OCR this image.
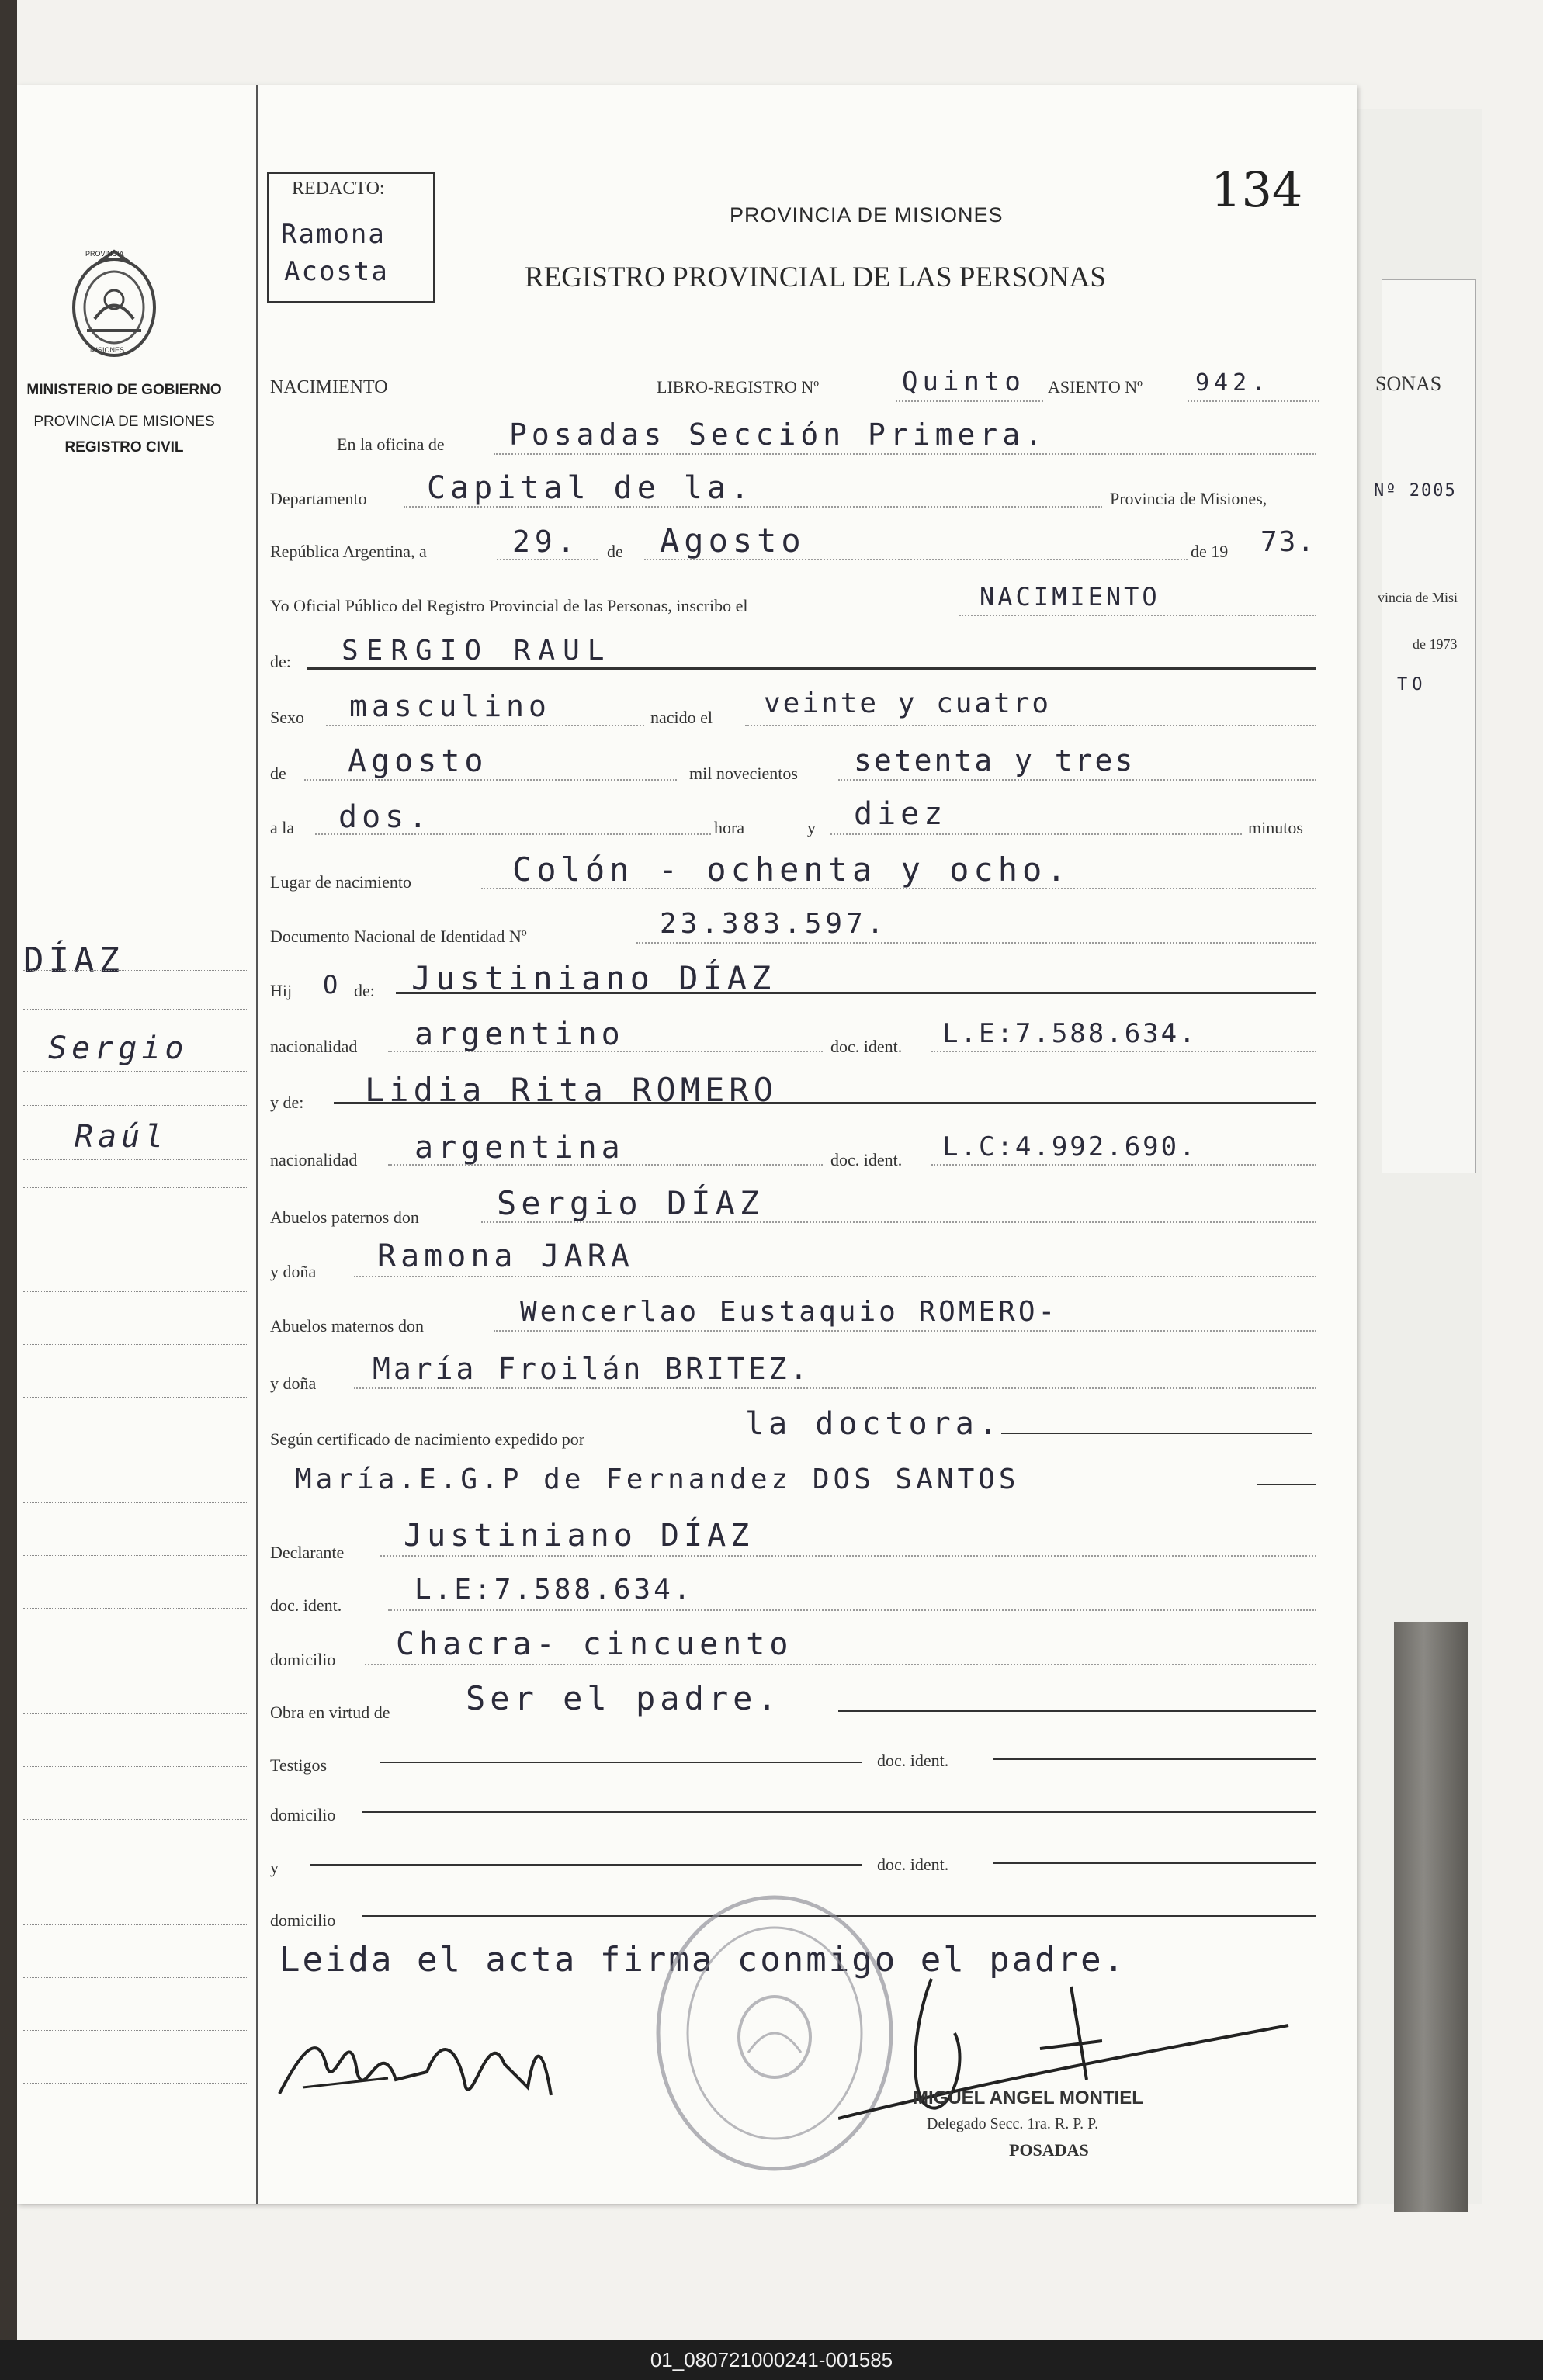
SONAS
Nº 2005
vincia de Misi
de 1973
TO
PROVINCIA
MISIONES
MINISTERIO DE GOBIERNO
PROVINCIA DE MISIONES
REGISTRO CIVIL
DÍAZ
Sergio
Raúl
REDACTO:
Ramona
Acosta
134
PROVINCIA DE MISIONES
REGISTRO PROVINCIAL DE LAS PERSONAS
NACIMIENTO	LIBRO-REGISTRO Nº	Quinto ASIENTO Nº 942.
En la oficina de Posadas Sección Primera.
Departamento Capital de la.	Provincia de Misiones,
República Argentina, a	29. de Agosto	de 19 73.
Yo Oficial Público del Registro Provincial de las Personas, inscribo el	NACIMIENTO
de: SERGIO RAUL
Sexo masculino	nacido el veinte y cuatro
de Agosto	mil novecientos setenta y tres
a la dos.	hora	y diez	minutos
Lugar de nacimiento	Colón - ochenta y ocho.
Documento Nacional de Identidad Nº	23.383.597.
Hij O de: Justiniano DÍAZ
nacionalidad argentino	doc. ident. L.E:7.588.634.
y de: Lidia Rita ROMERO
nacionalidad argentina	doc. ident. L.C:4.992.690.
Abuelos paternos don Sergio DÍAZ
y doña Ramona JARA
Abuelos maternos don	Wencerlao Eustaquio ROMERO-
y doña María Froilán BRITEZ.
Según certificado de nacimiento expedido por	la doctora.
María.E.G.P de Fernandez DOS SANTOS
Declarante Justiniano DÍAZ
doc. ident.	L.E:7.588.634.
domicilio Chacra- cincuento
Obra en virtud de Ser el padre.
Testigos	doc. ident.
domicilio
y	doc. ident.
domicilio
Leida el acta firma conmigo el padre.
MIGUEL ANGEL MONTIEL
Delegado Secc. 1ra. R. P. P.
POSADAS
01_080721000241-001585
